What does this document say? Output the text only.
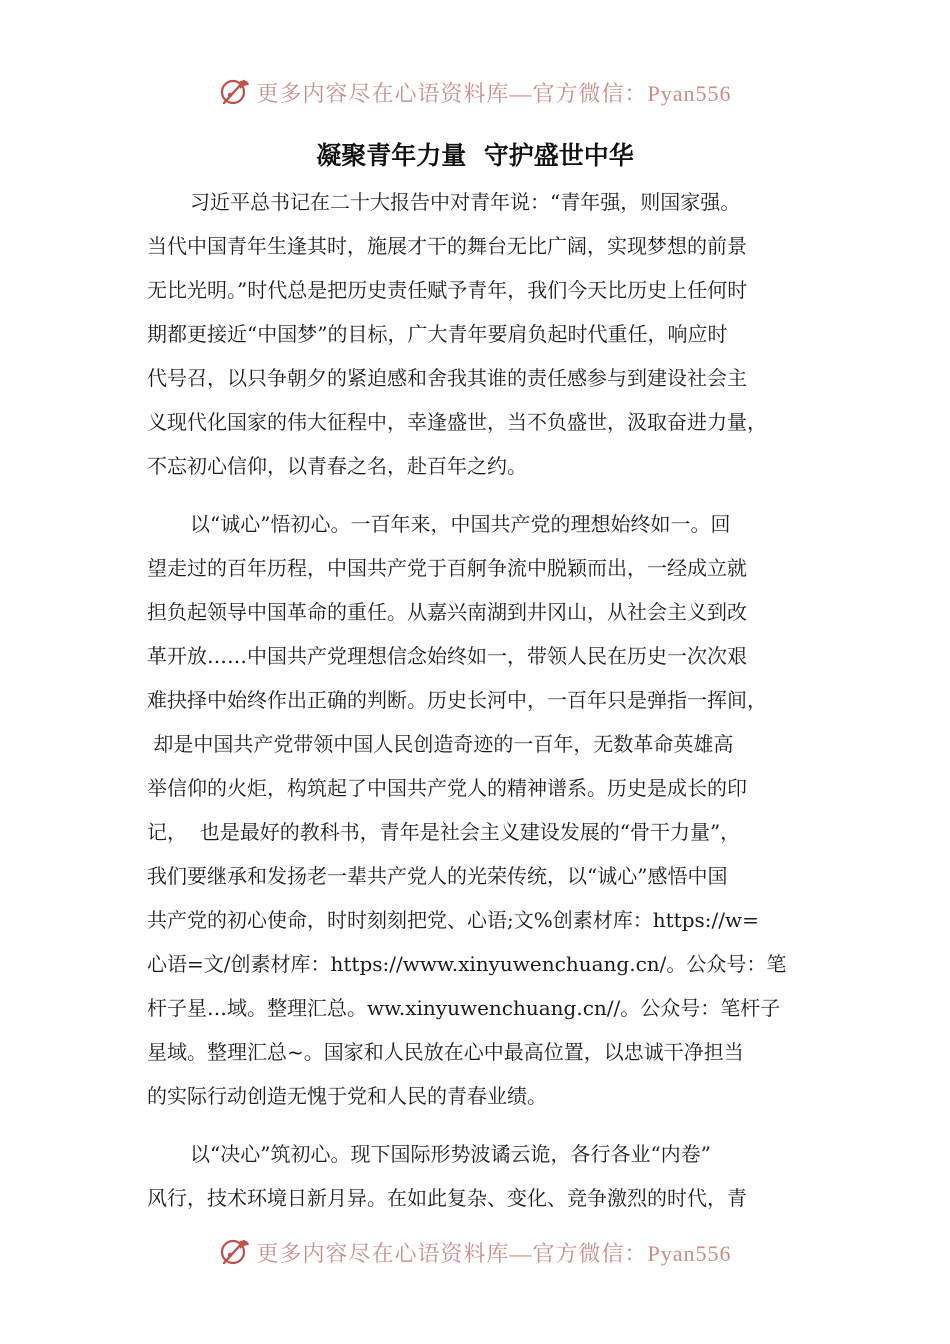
更多内容尽在心语资料库—官方微信：Pyan556
凝聚青年力量  守护盛世中华
习近平总书记在二十大报告中对青年说：“青年强，则国家强。
当代中国青年生逢其时，施展才干的舞台无比广阔，实现梦想的前景
无比光明。”时代总是把历史责任赋予青年，我们今天比历史上任何时
期都更接近“中国梦”的目标，广大青年要肩负起时代重任，响应时
代号召，以只争朝夕的紧迫感和舍我其谁的责任感参与到建设社会主
义现代化国家的伟大征程中，幸逢盛世，当不负盛世，汲取奋进力量，
不忘初心信仰，以青春之名，赴百年之约。
以“诚心”悟初心。一百年来，中国共产党的理想始终如一。回
望走过的百年历程，中国共产党于百舸争流中脱颖而出，一经成立就
担负起领导中国革命的重任。从嘉兴南湖到井冈山，从社会主义到改
革开放……中国共产党理想信念始终如一，带领人民在历史一次次艰
难抉择中始终作出正确的判断。历史长河中，一百年只是弹指一挥间，
却是中国共产党带领中国人民创造奇迹的一百年，无数革命英雄高
举信仰的火炬，构筑起了中国共产党人的精神谱系。历史是成长的印
记，  也是最好的教科书，青年是社会主义建设发展的“骨干力量”，
我们要继承和发扬老一辈共产党人的光荣传统，以“诚心”感悟中国
共产党的初心使命，时时刻刻把党、心语;文%创素材库：https://w=
心语=文/创素材库：https://www.xinyuwenchuang.cn/。公众号：笔
杆子星…域。整理汇总。ww.xinyuwenchuang.cn//。公众号：笔杆子
星域。整理汇总~。国家和人民放在心中最高位置，以忠诚干净担当
的实际行动创造无愧于党和人民的青春业绩。
以“决心”筑初心。现下国际形势波谲云诡，各行各业“内卷”
风行，技术环境日新月异。在如此复杂、变化、竞争激烈的时代，青
更多内容尽在心语资料库—官方微信：Pyan556
